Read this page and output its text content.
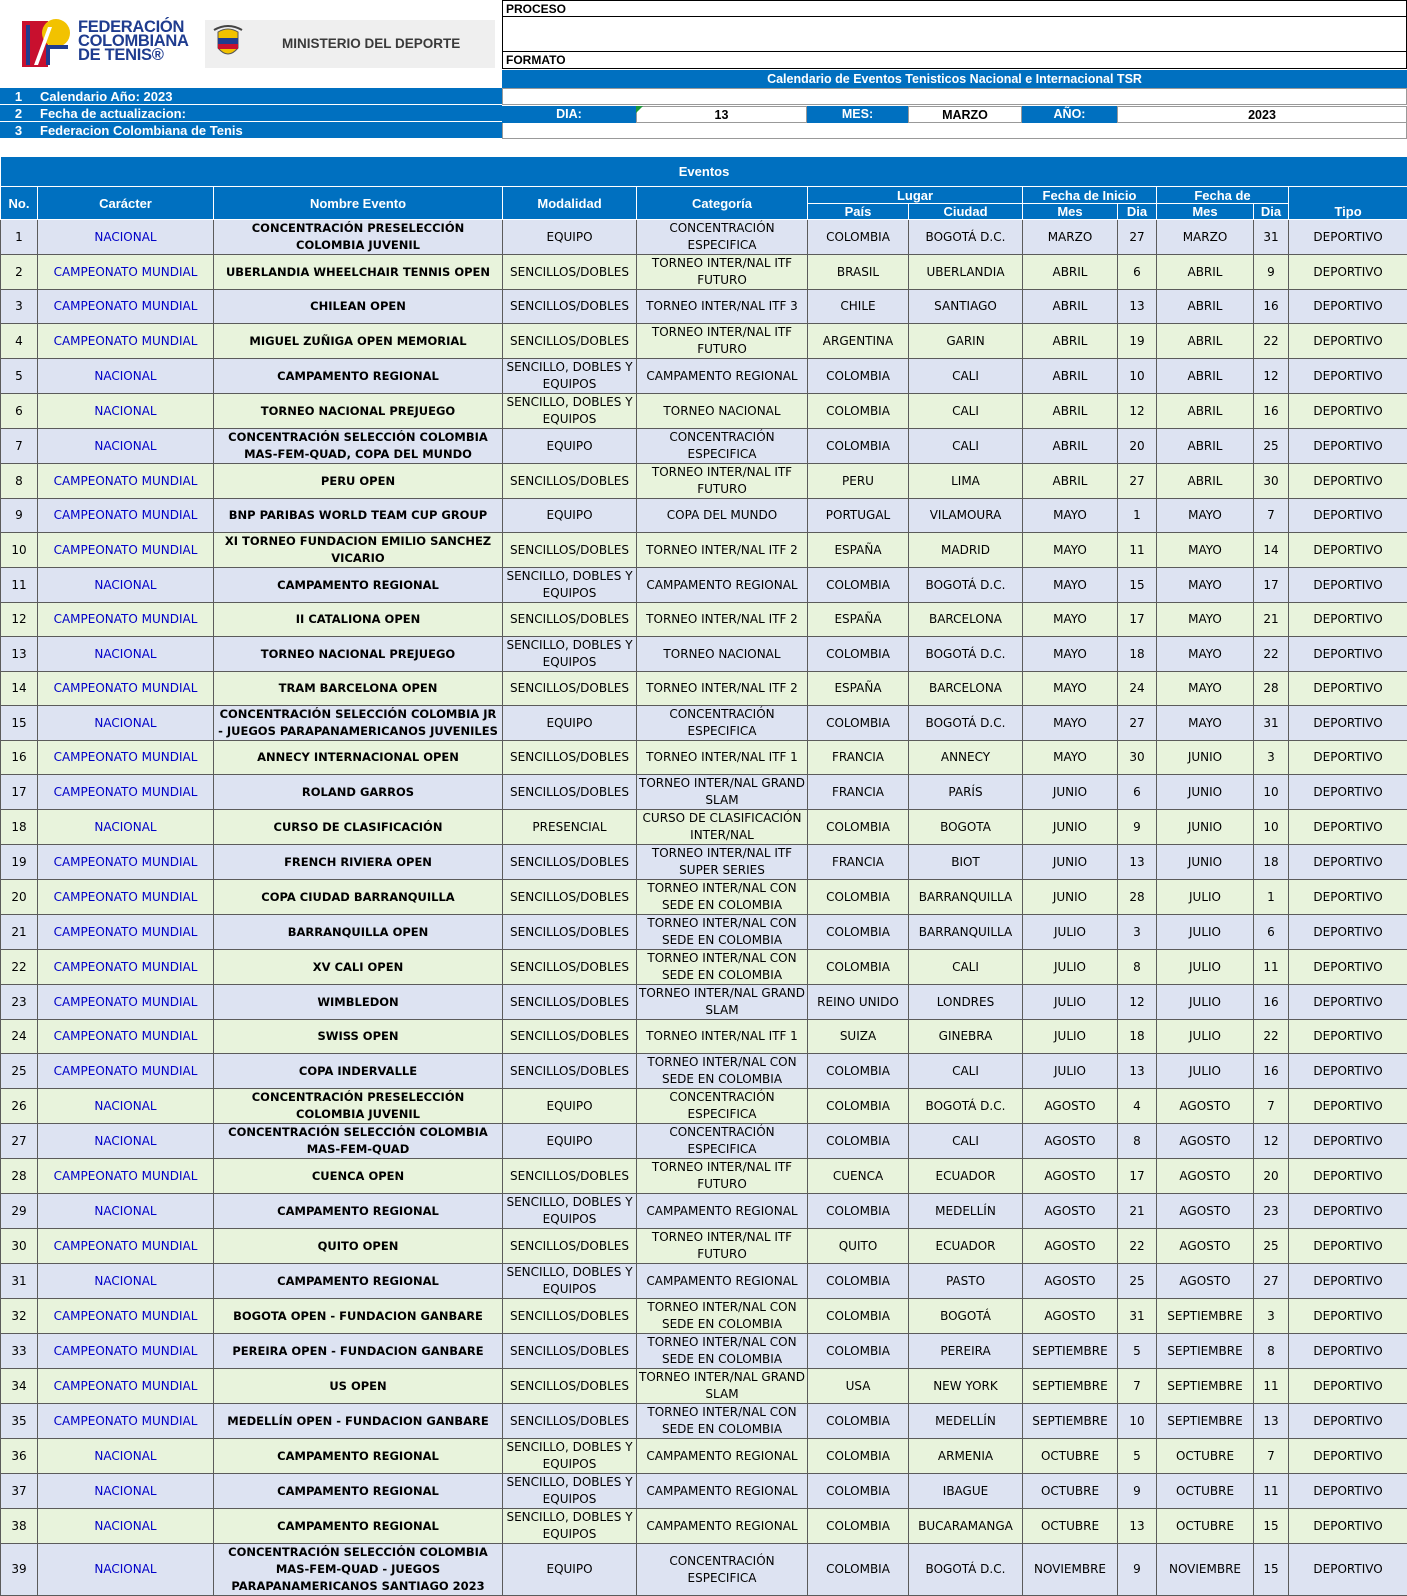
FEDERACIÓN
COLOMBIANA
DE TENIS®
MINISTERIO DEL DEPORTE
PROCESO
FORMATO
Calendario de Eventos Tenisticos Nacional e Internacional TSR
1	Calendario Año: 2023
2	Fecha de actualizacion:
3	Federacion Colombiana de Tenis
DIA:	13	MES:	MARZO	AÑO:	2023
Eventos											
No.	Carácter	Nombre Evento	Modalidad	Categoría	Lugar		Fecha de Inicio		Fecha de		Tipo
					País	Ciudad	Mes	Dia	Mes	Dia	
1	NACIONAL	CONCENTRACIÓN PRESELECCIÓN COLOMBIA JUVENIL	EQUIPO	CONCENTRACIÓN ESPECIFICA	COLOMBIA	BOGOTÁ D.C.	MARZO	27	MARZO	31	DEPORTIVO
2	CAMPEONATO MUNDIAL	UBERLANDIA WHEELCHAIR TENNIS OPEN	SENCILLOS/DOBLES	TORNEO INTER/NAL ITF FUTURO	BRASIL	UBERLANDIA	ABRIL	6	ABRIL	9	DEPORTIVO
3	CAMPEONATO MUNDIAL	CHILEAN OPEN	SENCILLOS/DOBLES	TORNEO INTER/NAL ITF 3	CHILE	SANTIAGO	ABRIL	13	ABRIL	16	DEPORTIVO
4	CAMPEONATO MUNDIAL	MIGUEL ZUÑIGA OPEN MEMORIAL	SENCILLOS/DOBLES	TORNEO INTER/NAL ITF FUTURO	ARGENTINA	GARIN	ABRIL	19	ABRIL	22	DEPORTIVO
5	NACIONAL	CAMPAMENTO REGIONAL	SENCILLO, DOBLES Y EQUIPOS	CAMPAMENTO REGIONAL	COLOMBIA	CALI	ABRIL	10	ABRIL	12	DEPORTIVO
6	NACIONAL	TORNEO NACIONAL PREJUEGO	SENCILLO, DOBLES Y EQUIPOS	TORNEO NACIONAL	COLOMBIA	CALI	ABRIL	12	ABRIL	16	DEPORTIVO
7	NACIONAL	CONCENTRACIÓN SELECCIÓN COLOMBIA MAS-FEM-QUAD, COPA DEL MUNDO	EQUIPO	CONCENTRACIÓN ESPECIFICA	COLOMBIA	CALI	ABRIL	20	ABRIL	25	DEPORTIVO
8	CAMPEONATO MUNDIAL	PERU OPEN	SENCILLOS/DOBLES	TORNEO INTER/NAL ITF FUTURO	PERU	LIMA	ABRIL	27	ABRIL	30	DEPORTIVO
9	CAMPEONATO MUNDIAL	BNP PARIBAS WORLD TEAM CUP GROUP	EQUIPO	COPA DEL MUNDO	PORTUGAL	VILAMOURA	MAYO	1	MAYO	7	DEPORTIVO
10	CAMPEONATO MUNDIAL	XI TORNEO FUNDACION EMILIO SANCHEZ VICARIO	SENCILLOS/DOBLES	TORNEO INTER/NAL ITF 2	ESPAÑA	MADRID	MAYO	11	MAYO	14	DEPORTIVO
11	NACIONAL	CAMPAMENTO REGIONAL	SENCILLO, DOBLES Y EQUIPOS	CAMPAMENTO REGIONAL	COLOMBIA	BOGOTÁ D.C.	MAYO	15	MAYO	17	DEPORTIVO
12	CAMPEONATO MUNDIAL	II CATALIONA OPEN	SENCILLOS/DOBLES	TORNEO INTER/NAL ITF 2	ESPAÑA	BARCELONA	MAYO	17	MAYO	21	DEPORTIVO
13	NACIONAL	TORNEO NACIONAL PREJUEGO	SENCILLO, DOBLES Y EQUIPOS	TORNEO NACIONAL	COLOMBIA	BOGOTÁ D.C.	MAYO	18	MAYO	22	DEPORTIVO
14	CAMPEONATO MUNDIAL	TRAM BARCELONA OPEN	SENCILLOS/DOBLES	TORNEO INTER/NAL ITF 2	ESPAÑA	BARCELONA	MAYO	24	MAYO	28	DEPORTIVO
15	NACIONAL	CONCENTRACIÓN SELECCIÓN COLOMBIA JR - JUEGOS PARAPANAMERICANOS JUVENILES	EQUIPO	CONCENTRACIÓN ESPECIFICA	COLOMBIA	BOGOTÁ D.C.	MAYO	27	MAYO	31	DEPORTIVO
16	CAMPEONATO MUNDIAL	ANNECY INTERNACIONAL OPEN	SENCILLOS/DOBLES	TORNEO INTER/NAL ITF 1	FRANCIA	ANNECY	MAYO	30	JUNIO	3	DEPORTIVO
17	CAMPEONATO MUNDIAL	ROLAND GARROS	SENCILLOS/DOBLES	TORNEO INTER/NAL GRAND SLAM	FRANCIA	PARÍS	JUNIO	6	JUNIO	10	DEPORTIVO
18	NACIONAL	CURSO DE CLASIFICACIÓN	PRESENCIAL	CURSO DE CLASIFICACIÓN INTER/NAL	COLOMBIA	BOGOTA	JUNIO	9	JUNIO	10	DEPORTIVO
19	CAMPEONATO MUNDIAL	FRENCH RIVIERA OPEN	SENCILLOS/DOBLES	TORNEO INTER/NAL ITF SUPER SERIES	FRANCIA	BIOT	JUNIO	13	JUNIO	18	DEPORTIVO
20	CAMPEONATO MUNDIAL	COPA CIUDAD BARRANQUILLA	SENCILLOS/DOBLES	TORNEO INTER/NAL CON SEDE EN COLOMBIA	COLOMBIA	BARRANQUILLA	JUNIO	28	JULIO	1	DEPORTIVO
21	CAMPEONATO MUNDIAL	BARRANQUILLA OPEN	SENCILLOS/DOBLES	TORNEO INTER/NAL CON SEDE EN COLOMBIA	COLOMBIA	BARRANQUILLA	JULIO	3	JULIO	6	DEPORTIVO
22	CAMPEONATO MUNDIAL	XV CALI OPEN	SENCILLOS/DOBLES	TORNEO INTER/NAL CON SEDE EN COLOMBIA	COLOMBIA	CALI	JULIO	8	JULIO	11	DEPORTIVO
23	CAMPEONATO MUNDIAL	WIMBLEDON	SENCILLOS/DOBLES	TORNEO INTER/NAL GRAND SLAM	REINO UNIDO	LONDRES	JULIO	12	JULIO	16	DEPORTIVO
24	CAMPEONATO MUNDIAL	SWISS OPEN	SENCILLOS/DOBLES	TORNEO INTER/NAL ITF 1	SUIZA	GINEBRA	JULIO	18	JULIO	22	DEPORTIVO
25	CAMPEONATO MUNDIAL	COPA INDERVALLE	SENCILLOS/DOBLES	TORNEO INTER/NAL CON SEDE EN COLOMBIA	COLOMBIA	CALI	JULIO	13	JULIO	16	DEPORTIVO
26	NACIONAL	CONCENTRACIÓN PRESELECCIÓN COLOMBIA JUVENIL	EQUIPO	CONCENTRACIÓN ESPECIFICA	COLOMBIA	BOGOTÁ D.C.	AGOSTO	4	AGOSTO	7	DEPORTIVO
27	NACIONAL	CONCENTRACIÓN SELECCIÓN COLOMBIA MAS-FEM-QUAD	EQUIPO	CONCENTRACIÓN ESPECIFICA	COLOMBIA	CALI	AGOSTO	8	AGOSTO	12	DEPORTIVO
28	CAMPEONATO MUNDIAL	CUENCA OPEN	SENCILLOS/DOBLES	TORNEO INTER/NAL ITF FUTURO	CUENCA	ECUADOR	AGOSTO	17	AGOSTO	20	DEPORTIVO
29	NACIONAL	CAMPAMENTO REGIONAL	SENCILLO, DOBLES Y EQUIPOS	CAMPAMENTO REGIONAL	COLOMBIA	MEDELLÍN	AGOSTO	21	AGOSTO	23	DEPORTIVO
30	CAMPEONATO MUNDIAL	QUITO OPEN	SENCILLOS/DOBLES	TORNEO INTER/NAL ITF FUTURO	QUITO	ECUADOR	AGOSTO	22	AGOSTO	25	DEPORTIVO
31	NACIONAL	CAMPAMENTO REGIONAL	SENCILLO, DOBLES Y EQUIPOS	CAMPAMENTO REGIONAL	COLOMBIA	PASTO	AGOSTO	25	AGOSTO	27	DEPORTIVO
32	CAMPEONATO MUNDIAL	BOGOTA OPEN - FUNDACION GANBARE	SENCILLOS/DOBLES	TORNEO INTER/NAL CON SEDE EN COLOMBIA	COLOMBIA	BOGOTÁ	AGOSTO	31	SEPTIEMBRE	3	DEPORTIVO
33	CAMPEONATO MUNDIAL	PEREIRA OPEN - FUNDACION GANBARE	SENCILLOS/DOBLES	TORNEO INTER/NAL CON SEDE EN COLOMBIA	COLOMBIA	PEREIRA	SEPTIEMBRE	5	SEPTIEMBRE	8	DEPORTIVO
34	CAMPEONATO MUNDIAL	US OPEN	SENCILLOS/DOBLES	TORNEO INTER/NAL GRAND SLAM	USA	NEW YORK	SEPTIEMBRE	7	SEPTIEMBRE	11	DEPORTIVO
35	CAMPEONATO MUNDIAL	MEDELLÍN OPEN - FUNDACION GANBARE	SENCILLOS/DOBLES	TORNEO INTER/NAL CON SEDE EN COLOMBIA	COLOMBIA	MEDELLÍN	SEPTIEMBRE	10	SEPTIEMBRE	13	DEPORTIVO
36	NACIONAL	CAMPAMENTO REGIONAL	SENCILLO, DOBLES Y EQUIPOS	CAMPAMENTO REGIONAL	COLOMBIA	ARMENIA	OCTUBRE	5	OCTUBRE	7	DEPORTIVO
37	NACIONAL	CAMPAMENTO REGIONAL	SENCILLO, DOBLES Y EQUIPOS	CAMPAMENTO REGIONAL	COLOMBIA	IBAGUE	OCTUBRE	9	OCTUBRE	11	DEPORTIVO
38	NACIONAL	CAMPAMENTO REGIONAL	SENCILLO, DOBLES Y EQUIPOS	CAMPAMENTO REGIONAL	COLOMBIA	BUCARAMANGA	OCTUBRE	13	OCTUBRE	15	DEPORTIVO
39	NACIONAL	CONCENTRACIÓN SELECCIÓN COLOMBIA MAS-FEM-QUAD - JUEGOS PARAPANAMERICANOS SANTIAGO 2023	EQUIPO	CONCENTRACIÓN ESPECIFICA	COLOMBIA	BOGOTÁ D.C.	NOVIEMBRE	9	NOVIEMBRE	15	DEPORTIVO
